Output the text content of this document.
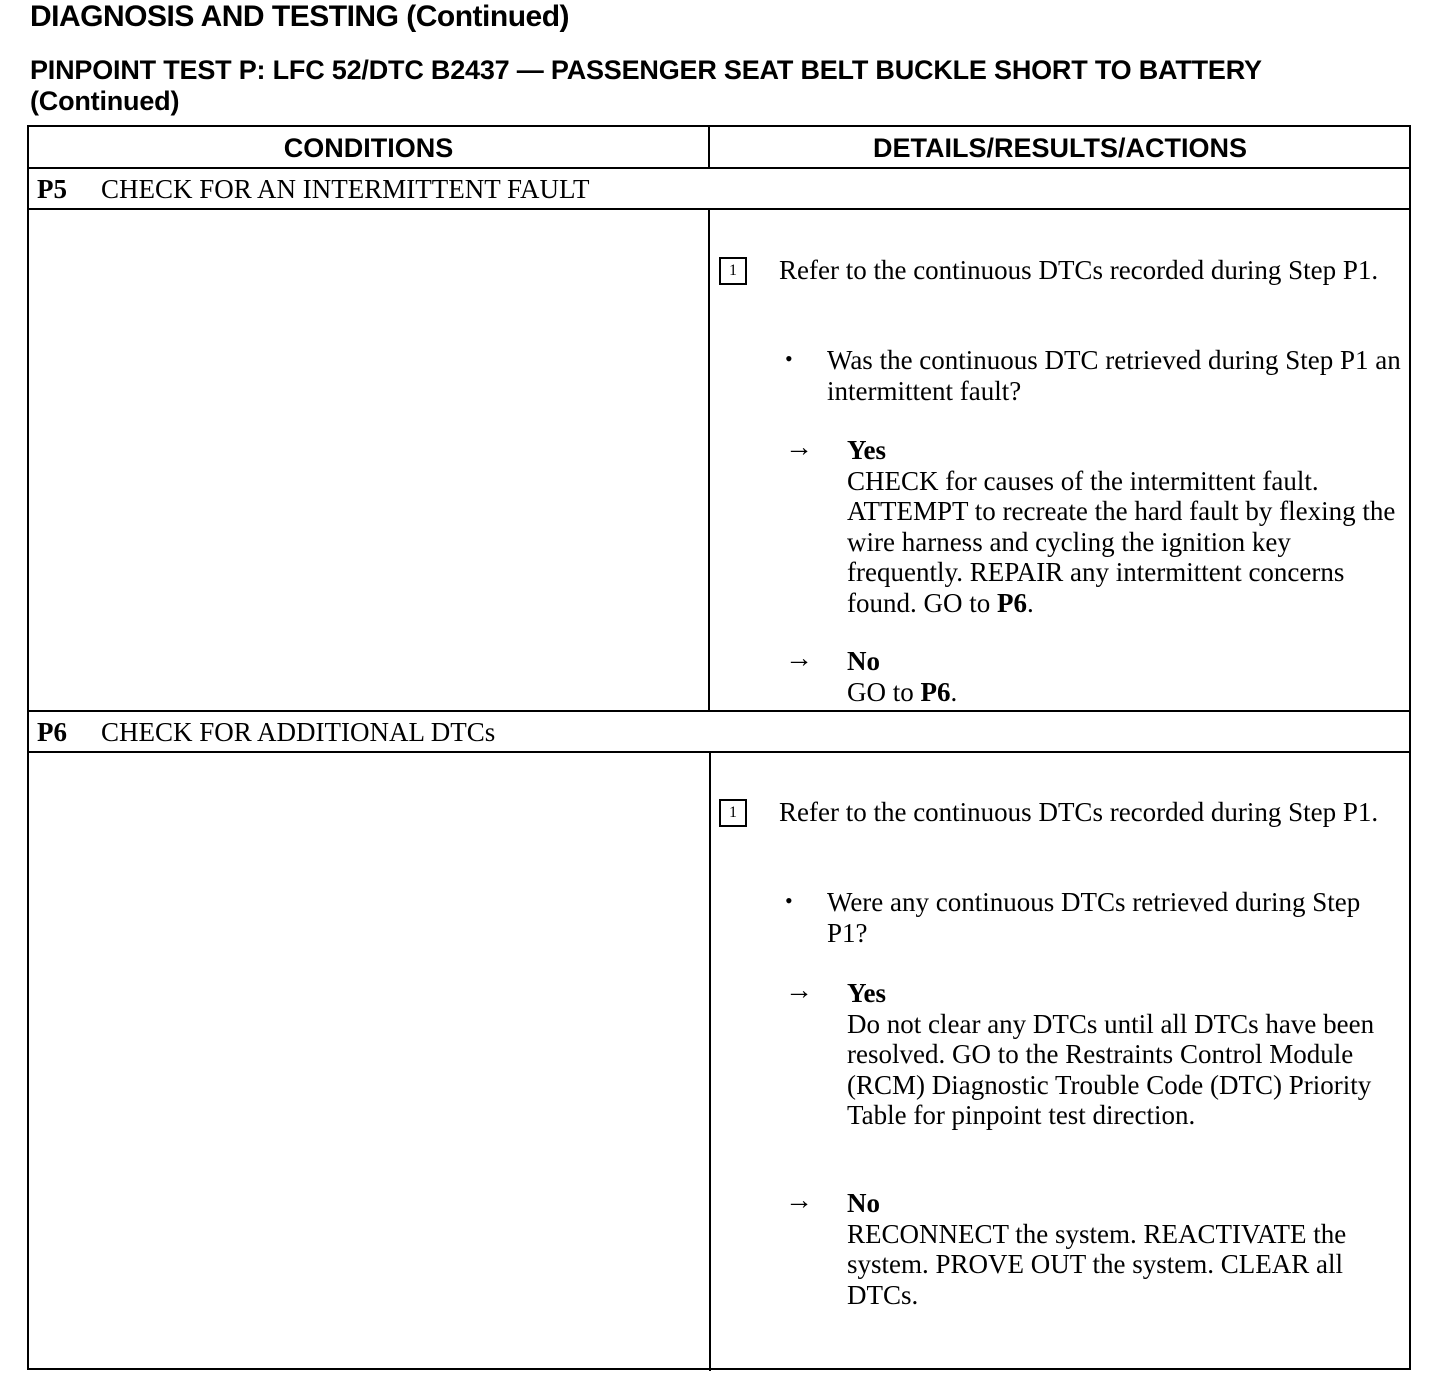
DIAGNOSIS AND TESTING (Continued)
PINPOINT TEST P: LFC 52/DTC B2437 — PASSENGER SEAT BELT BUCKLE SHORT TO BATTERY (Continued)
CONDITIONS	DETAILS/RESULTS/ACTIONS
P5 CHECK FOR AN INTERMITTENT FAULT
1	Refer to the continuous DTCs recorded during Step P1.
• Was the continuous DTC retrieved during Step P1 an intermittent fault?
→ Yes
CHECK for causes of the intermittent fault. ATTEMPT to recreate the hard fault by flexing the wire harness and cycling the ignition key frequently. REPAIR any intermittent concerns found. GO to P6.
→ No
GO to P6.
P6 CHECK FOR ADDITIONAL DTCs
1	Refer to the continuous DTCs recorded during Step P1.
• Were any continuous DTCs retrieved during Step P1?
→ Yes
Do not clear any DTCs until all DTCs have been resolved. GO to the Restraints Control Module (RCM) Diagnostic Trouble Code (DTC) Priority Table for pinpoint test direction.
→ No
RECONNECT the system. REACTIVATE the system. PROVE OUT the system. CLEAR all DTCs.
